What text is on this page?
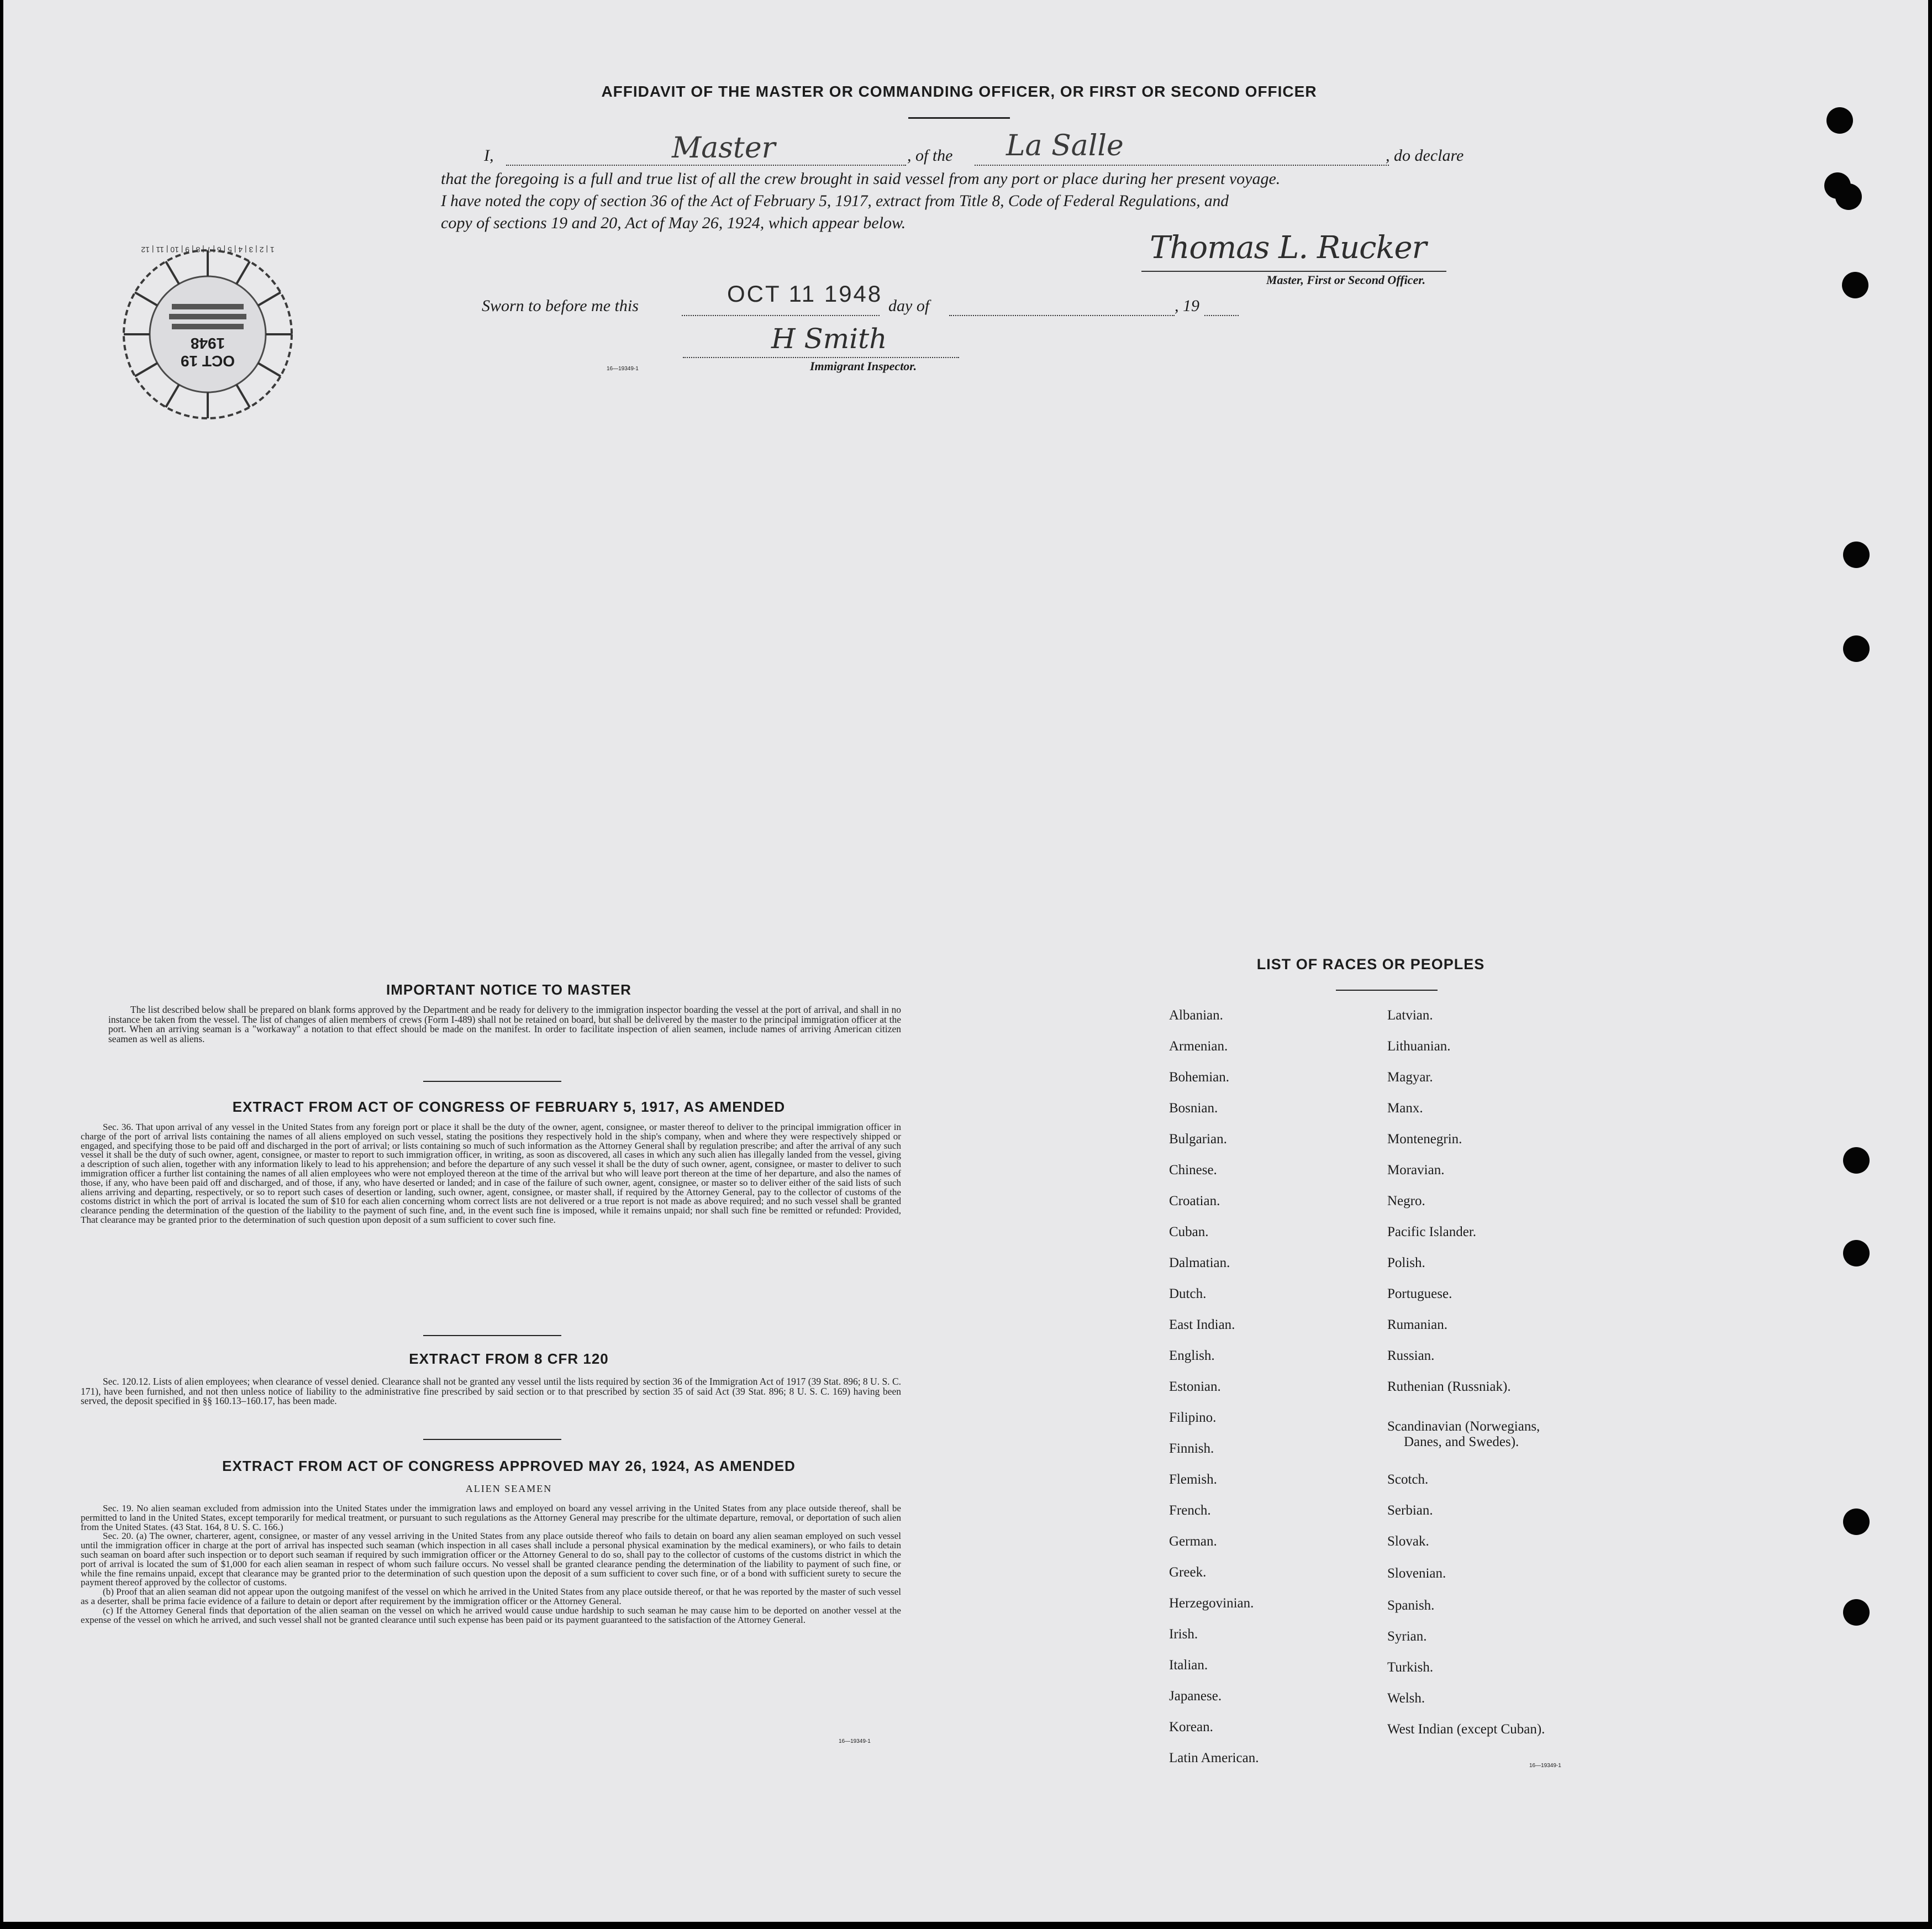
AFFIDAVIT OF THE MASTER OR COMMANDING OFFICER, OR FIRST OR SECOND OFFICER
I,	Master	, of the La Salle	, do declare
that the foregoing is a full and true list of all the crew brought in said vessel from any port or place during her present voyage.
I have noted the copy of section 36 of the Act of February 5, 1917, extract from Title 8, Code of Federal Regulations, and
copy of sections 19 and 20, Act of May 26, 1924, which appear below.
Thomas L. Rucker
Master, First or Second Officer.
Sworn to before me this	OCT 11 1948 day of	, 19
H Smith
Immigrant Inspector.
16—19349-1
OCT 19 1948
1 | 2 | 3 | 4 | 5 | 6 | 7 | 8 | 9 | 10 | 11 | 12
IMPORTANT NOTICE TO MASTER

The list described below shall be prepared on blank forms approved by the Department and be ready for delivery to the immigration inspector boarding the vessel at the port of arrival, and shall in no instance be taken from the vessel. The list of changes of alien members of crews (Form I-489) shall not be retained on board, but shall be delivered by the master to the principal immigration officer at the port. When an arriving seaman is a "workaway" a notation to that effect should be made on the manifest. In order to facilitate inspection of alien seamen, include names of arriving American citizen seamen as well as aliens.

EXTRACT FROM ACT OF CONGRESS OF FEBRUARY 5, 1917, AS AMENDED

Sec. 36. That upon arrival of any vessel in the United States from any foreign port or place it shall be the duty of the owner, agent, consignee, or master thereof to deliver to the principal immigration officer in charge of the port of arrival lists containing the names of all aliens employed on such vessel, stating the positions they respectively hold in the ship's company, when and where they were respectively shipped or engaged, and specifying those to be paid off and discharged in the port of arrival; or lists containing so much of such information as the Attorney General shall by regulation prescribe; and after the arrival of any such vessel it shall be the duty of such owner, agent, consignee, or master to report to such immigration officer, in writing, as soon as discovered, all cases in which any such alien has illegally landed from the vessel, giving a description of such alien, together with any information likely to lead to his apprehension; and before the departure of any such vessel it shall be the duty of such owner, agent, consignee, or master to deliver to such immigration officer a further list containing the names of all alien employees who were not employed thereon at the time of the arrival but who will leave port thereon at the time of her departure, and also the names of those, if any, who have been paid off and discharged, and of those, if any, who have deserted or landed; and in case of the failure of such owner, agent, consignee, or master so to deliver either of the said lists of such aliens arriving and departing, respectively, or so to report such cases of desertion or landing, such owner, agent, consignee, or master shall, if required by the Attorney General, pay to the collector of customs of the costoms district in which the port of arrival is located the sum of $10 for each alien concerning whom correct lists are not delivered or a true report is not made as above required; and no such vessel shall be granted clearance pending the determination of the question of the liability to the payment of such fine, and, in the event such fine is imposed, while it remains unpaid; nor shall such fine be remitted or refunded: Provided, That clearance may be granted prior to the determination of such question upon deposit of a sum sufficient to cover such fine.

EXTRACT FROM 8 CFR 120

Sec. 120.12. Lists of alien employees; when clearance of vessel denied. Clearance shall not be granted any vessel until the lists required by section 36 of the Immigration Act of 1917 (39 Stat. 896; 8 U. S. C. 171), have been furnished, and not then unless notice of liability to the administrative fine prescribed by said section or to that prescribed by section 35 of said Act (39 Stat. 896; 8 U. S. C. 169) having been served, the deposit specified in §§ 160.13–160.17, has been made.

EXTRACT FROM ACT OF CONGRESS APPROVED MAY 26, 1924, AS AMENDED
ALIEN SEAMEN

Sec. 19. No alien seaman excluded from admission into the United States under the immigration laws and employed on board any vessel arriving in the United States from any place outside thereof, shall be permitted to land in the United States, except temporarily for medical treatment, or pursuant to such regulations as the Attorney General may prescribe for the ultimate departure, removal, or deportation of such alien from the United States. (43 Stat. 164, 8 U. S. C. 166.)

Sec. 20. (a) The owner, charterer, agent, consignee, or master of any vessel arriving in the United States from any place outside thereof who fails to detain on board any alien seaman employed on such vessel until the immigration officer in charge at the port of arrival has inspected such seaman (which inspection in all cases shall include a personal physical examination by the medical examiners), or who fails to detain such seaman on board after such inspection or to deport such seaman if required by such immigration officer or the Attorney General to do so, shall pay to the collector of customs of the customs district in which the port of arrival is located the sum of $1,000 for each alien seaman in respect of whom such failure occurs. No vessel shall be granted clearance pending the determination of the liability to payment of such fine, or while the fine remains unpaid, except that clearance may be granted prior to the determination of such question upon the deposit of a sum sufficient to cover such fine, or of a bond with sufficient surety to secure the payment thereof approved by the collector of customs.

(b) Proof that an alien seaman did not appear upon the outgoing manifest of the vessel on which he arrived in the United States from any place outside thereof, or that he was reported by the master of such vessel as a deserter, shall be prima facie evidence of a failure to detain or deport after requirement by the immigration officer or the Attorney General.

(c) If the Attorney General finds that deportation of the alien seaman on the vessel on which he arrived would cause undue hardship to such seaman he may cause him to be deported on another vessel at the expense of the vessel on which he arrived, and such vessel shall not be granted clearance until such expense has been paid or its payment guaranteed to the satisfaction of the Attorney General.

16—19349-1
LIST OF RACES OR PEOPLES
Albanian.
Armenian.
Bohemian.
Bosnian.
Bulgarian.
Chinese.
Croatian.
Cuban.
Dalmatian.
Dutch.
East Indian.
English.
Estonian.
Filipino.
Finnish.
Flemish.
French.
German.
Greek.
Herzegovinian.
Irish.
Italian.
Japanese.
Korean.
Latin American.
Latvian.
Lithuanian.
Magyar.
Manx.
Montenegrin.
Moravian.
Negro.
Pacific Islander.
Polish.
Portuguese.
Rumanian.
Russian.
Ruthenian (Russniak).
Scandinavian (Norwegians,
Danes, and Swedes).
Scotch.
Serbian.
Slovak.
Slovenian.
Spanish.
Syrian.
Turkish.
Welsh.
West Indian (except Cuban).
16—19349-1
